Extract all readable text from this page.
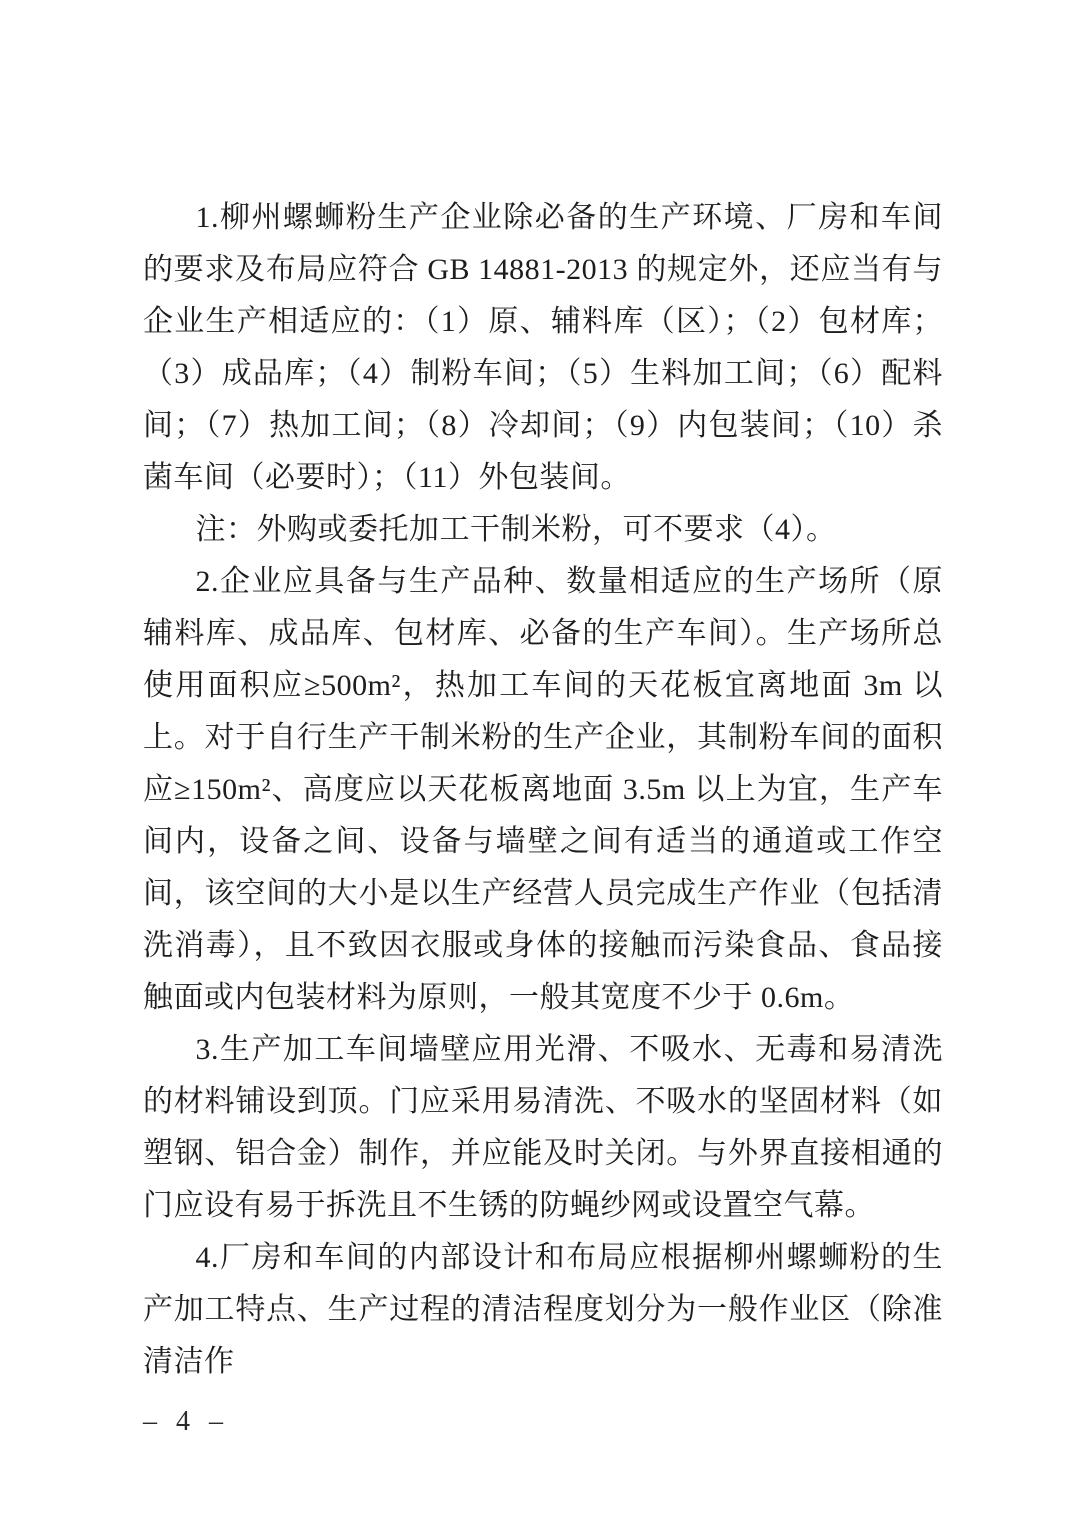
1.柳州螺蛳粉生产企业除必备的生产环境、厂房和车间的要求及布局应符合 GB 14881-2013 的规定外，还应当有与企业生产相适应的：（1）原、辅料库（区）；（2）包材库；（3）成品库；（4）制粉车间；（5）生料加工间；（6）配料间；（7）热加工间；（8）冷却间；（9）内包装间；（10）杀菌车间（必要时）；（11）外包装间。

注：外购或委托加工干制米粉，可不要求（4）。

2.企业应具备与生产品种、数量相适应的生产场所（原辅料库、成品库、包材库、必备的生产车间）。生产场所总使用面积应≥500m²，热加工车间的天花板宜离地面 3m 以上。对于自行生产干制米粉的生产企业，其制粉车间的面积应≥150m²、高度应以天花板离地面 3.5m 以上为宜，生产车间内，设备之间、设备与墙壁之间有适当的通道或工作空间，该空间的大小是以生产经营人员完成生产作业（包括清洗消毒），且不致因衣服或身体的接触而污染食品、食品接触面或内包装材料为原则，一般其宽度不少于 0.6m。

3.生产加工车间墙壁应用光滑、不吸水、无毒和易清洗的材料铺设到顶。门应采用易清洗、不吸水的坚固材料（如塑钢、铝合金）制作，并应能及时关闭。与外界直接相通的门应设有易于拆洗且不生锈的防蝇纱网或设置空气幕。

4.厂房和车间的内部设计和布局应根据柳州螺蛳粉的生产加工特点、生产过程的清洁程度划分为一般作业区（除准清洁作

– 4 –
